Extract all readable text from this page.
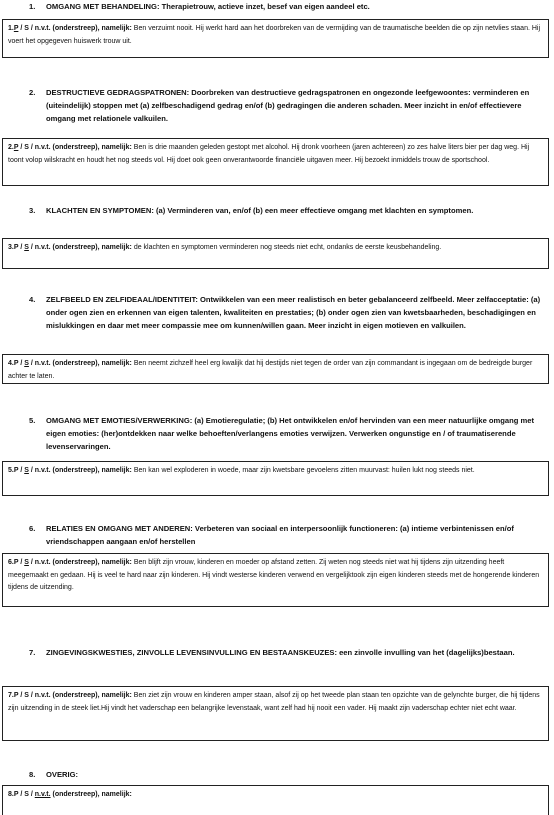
1. OMGANG MET BEHANDELING: Therapietrouw, actieve inzet, besef van eigen aandeel etc.
1.P / S / n.v.t. (onderstreep), namelijk: Ben verzuimt nooit. Hij werkt hard aan het doorbreken van de vermijding van de traumatische beelden die op zijn netvlies staan. Hij voert het opgegeven huiswerk trouw uit.
2. DESTRUCTIEVE GEDRAGSPATRONEN: Doorbreken van destructieve gedragspatronen en ongezonde leefgewoontes: verminderen en (uiteindelijk) stoppen met (a) zelfbeschadigend gedrag en/of (b) gedragingen die anderen schaden. Meer inzicht in en/of effectievere omgang met relationele valkuilen.
2.P / S / n.v.t. (onderstreep), namelijk: Ben is drie maanden geleden gestopt met alcohol. Hij dronk voorheen (jaren achtereen) zo zes halve liters bier per dag weg. Hij toont volop wilskracht en houdt het nog steeds vol. Hij doet ook geen onverantwoorde financiële uitgaven meer. Hij bezoekt inmiddels trouw de sportschool.
3. KLACHTEN EN SYMPTOMEN: (a) Verminderen van, en/of (b) een meer effectieve omgang met klachten en symptomen.
3.P / S / n.v.t. (onderstreep), namelijk: de klachten en symptomen verminderen nog steeds niet echt, ondanks de eerste keusbehandeling.
4. ZELFBEELD EN ZELFIDEAAL/IDENTITEIT: Ontwikkelen van een meer realistisch en beter gebalanceerd zelfbeeld. Meer zelfacceptatie: (a) onder ogen zien en erkennen van eigen talenten, kwaliteiten en prestaties; (b) onder ogen zien van kwetsbaarheden, beschadigingen en mislukkingen en daar met meer compassie mee om kunnen/willen gaan. Meer inzicht in eigen motieven en valkuilen.
4.P / S / n.v.t. (onderstreep), namelijk: Ben neemt zichzelf heel erg kwalijk dat hij destijds niet tegen de order van zijn commandant is ingegaan om de bedreigde burger achter te laten.
5. OMGANG MET EMOTIES/VERWERKING: (a) Emotieregulatie; (b) Het ontwikkelen en/of hervinden van een meer natuurlijke omgang met eigen emoties: (her)ontdekken naar welke behoeften/verlangens emoties verwijzen. Verwerken ongunstige en / of traumatiserende levenservaringen.
5.P / S / n.v.t. (onderstreep), namelijk: Ben kan wel exploderen in woede, maar zijn kwetsbare gevoelens zitten muurvast: huilen lukt nog steeds niet.
6. RELATIES EN OMGANG MET ANDEREN: Verbeteren van sociaal en interpersoonlijk functioneren: (a) intieme verbintenissen en/of vriendschappen aangaan en/of herstellen
6.P / S / n.v.t. (onderstreep), namelijk: Ben blijft zijn vrouw, kinderen en moeder op afstand zetten. Zij weten nog steeds niet wat hij tijdens zijn uitzending heeft meegemaakt en gedaan. Hij is veel te hard naar zijn kinderen. Hij vindt westerse kinderen verwend en vergelijktook zijn eigen kinderen steeds met de hongerende kinderen tijdens de uitzending.
7. ZINGEVINGSKWESTIES, ZINVOLLE LEVENSINVULLING EN BESTAANSKEUZES: een zinvolle invulling van het (dagelijks)bestaan.
7.P / S / n.v.t. (onderstreep), namelijk: Ben ziet zijn vrouw en kinderen amper staan, alsof zij op het tweede plan staan ten opzichte van de gelynchte burger, die hij tijdens zijn uitzending in de steek liet.Hij vindt het vaderschap een belangrijke levenstaak, want zelf had hij nooit een vader. Hij maakt zijn vaderschap echter niet echt waar.
8. OVERIG:
8.P / S / n.v.t. (onderstreep), namelijk:
